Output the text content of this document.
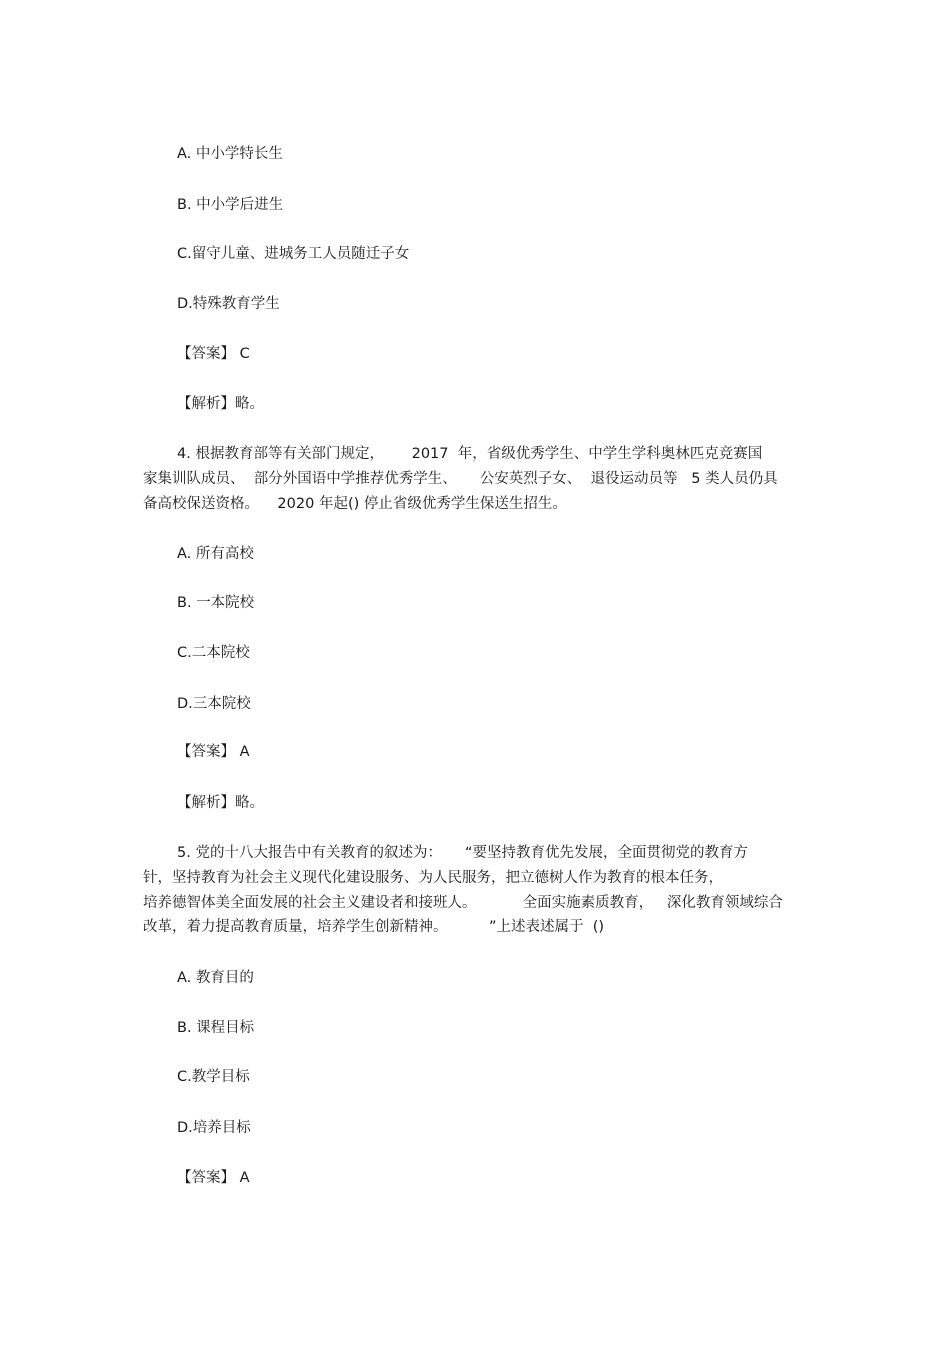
A. 中小学特长生
B. 中小学后进生
C.留守儿童、进城务工人员随迁子女
D.特殊教育学生
【答案】 C
【解析】略。
4. 根据教育部等有关部门规定，      2017  年，省级优秀学生、中学生学科奥林匹克竞赛国
家集训队成员、  部分外国语中学推荐优秀学生、     公安英烈子女、  退役运动员等   5 类人员仍具
备高校保送资格。    2020 年起() 停止省级优秀学生保送生招生。
A. 所有高校
B. 一本院校
C.二本院校
D.三本院校
【答案】 A
【解析】略。
5. 党的十八大报告中有关教育的叙述为：     “要坚持教育优先发展，全面贯彻党的教育方
针，坚持教育为社会主义现代化建设服务、为人民服务，把立德树人作为教育的根本任务，
培养德智体美全面发展的社会主义建设者和接班人。          全面实施素质教育，   深化教育领域综合
改革，着力提高教育质量，培养学生创新精神。         ”上述表述属于  ()
A. 教育目的
B. 课程目标
C.教学目标
D.培养目标
【答案】 A
